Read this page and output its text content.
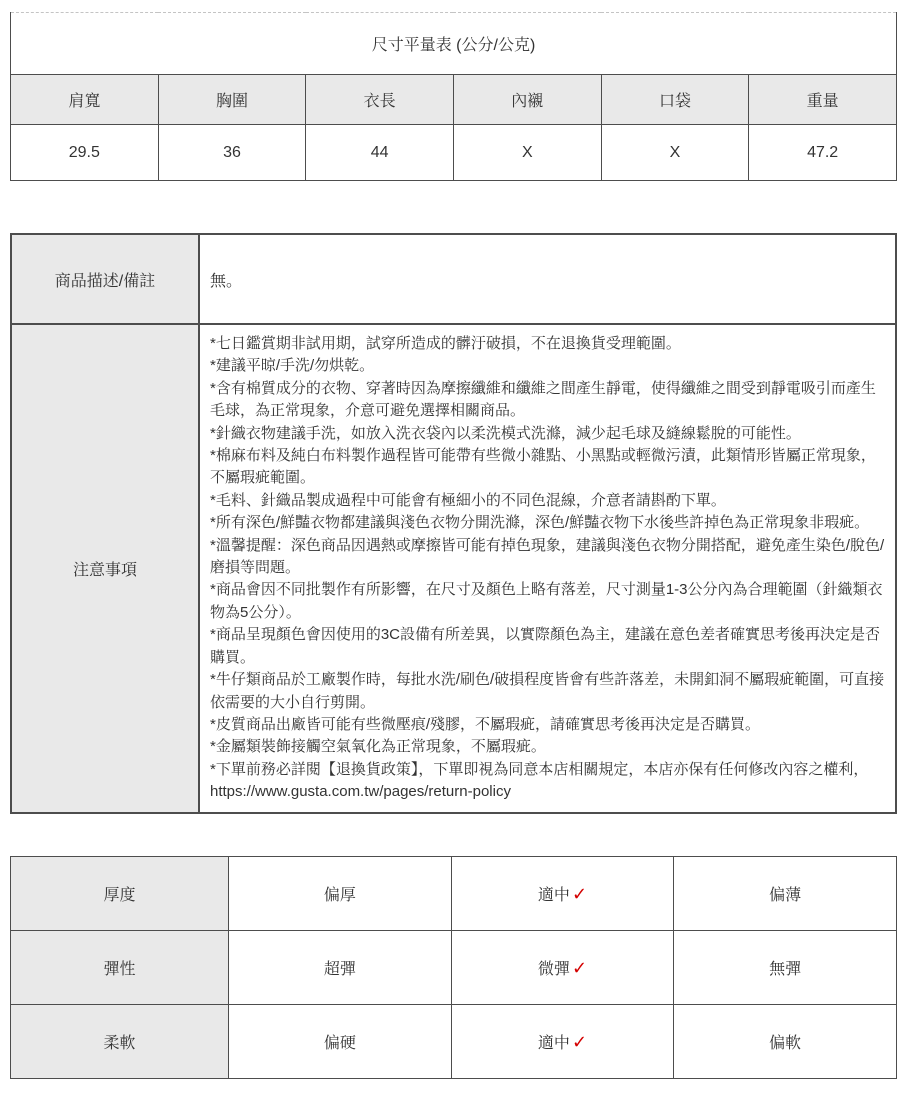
尺寸平量表 (公分/公克)					
肩寬	胸圍	衣長	內襯	口袋	重量
29.5	36	44	X	X	47.2
商品描述/備註	無。
注意事項	
*七日鑑賞期非試用期，試穿所造成的髒汙破損，不在退換貨受理範圍。
*建議平晾/手洗/勿烘乾。
*含有棉質成分的衣物、穿著時因為摩擦纖維和纖維之間產生靜電，使得纖維之間受到靜電吸引而產生毛球，為正常現象，介意可避免選擇相關商品。
*針織衣物建議手洗，如放入洗衣袋內以柔洗模式洗滌，減少起毛球及縫線鬆脫的可能性。
*棉麻布料及純白布料製作過程皆可能帶有些微小雜點、小黑點或輕微污漬，此類情形皆屬正常現象，不屬瑕疵範圍。
*毛料、針織品製成過程中可能會有極細小的不同色混線，介意者請斟酌下單。
*所有深色/鮮豔衣物都建議與淺色衣物分開洗滌，深色/鮮豔衣物下水後些許掉色為正常現象非瑕疵。
*溫馨提醒：深色商品因遇熱或摩擦皆可能有掉色現象，建議與淺色衣物分開搭配，避免產生染色/脫色/磨損等問題。
*商品會因不同批製作有所影響，在尺寸及顏色上略有落差，尺寸測量1-3公分內為合理範圍（針織類衣物為5公分）。
*商品呈現顏色會因使用的3C設備有所差異，以實際顏色為主，建議在意色差者確實思考後再決定是否購買。
*牛仔類商品於工廠製作時，每批水洗/刷色/破損程度皆會有些許落差，未開釦洞不屬瑕疵範圍，可直接依需要的大小自行剪開。
*皮質商品出廠皆可能有些微壓痕/殘膠，不屬瑕疵，請確實思考後再決定是否購買。
*金屬類裝飾接觸空氣氧化為正常現象，不屬瑕疵。
*下單前務必詳閱【退換貨政策】，下單即視為同意本店相關規定，本店亦保有任何修改內容之權利，https://www.gusta.com.tw/pages/return-policy
厚度	偏厚	適中 ✓	偏薄
彈性	超彈	微彈 ✓	無彈
柔軟	偏硬	適中 ✓	偏軟
